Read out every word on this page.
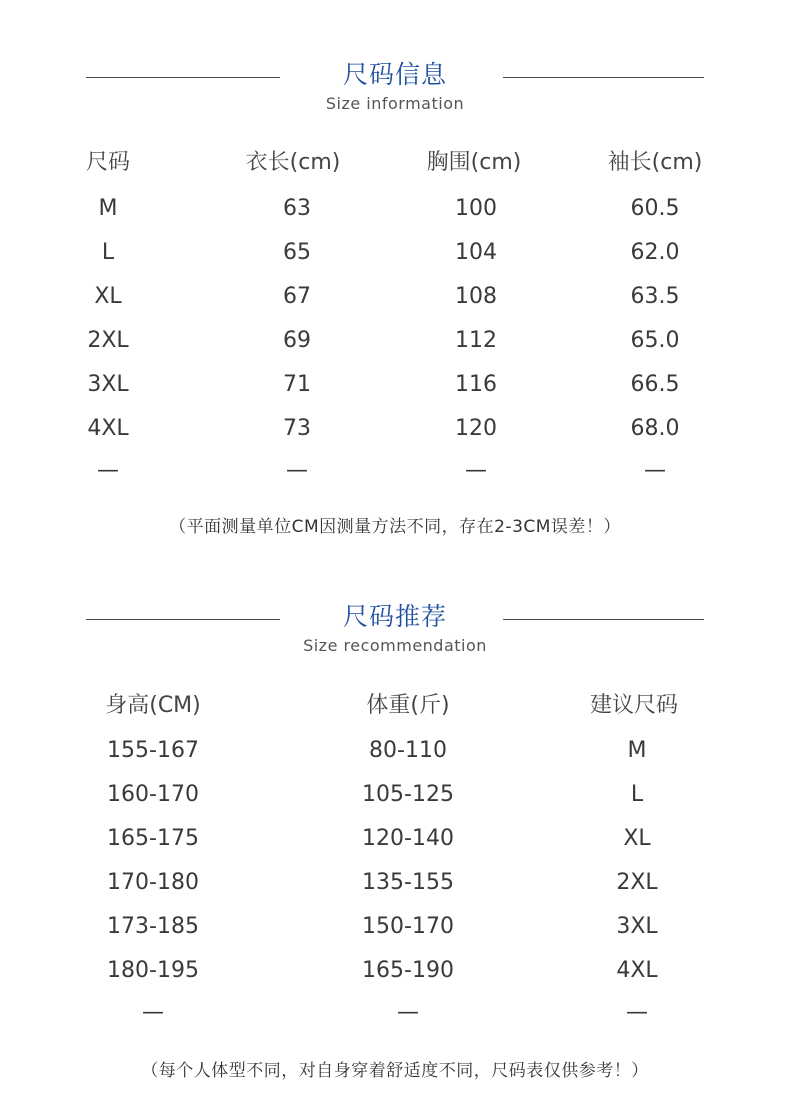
尺码信息
Size information
尺码	衣长(cm)	胸围(cm)	袖长(cm)
M	63	100	60.5
L	65	104	62.0
XL	67	108	63.5
2XL	69	112	65.0
3XL	71	116	66.5
4XL	73	120	68.0
—	—	—	—
（平面测量单位CM因测量方法不同，存在2-3CM误差！）
尺码推荐
Size recommendation
身高(CM)	体重(斤)	建议尺码
155-167	80-110	M
160-170	105-125	L
165-175	120-140	XL
170-180	135-155	2XL
173-185	150-170	3XL
180-195	165-190	4XL
—	—	—
（每个人体型不同，对自身穿着舒适度不同，尺码表仅供参考！）
